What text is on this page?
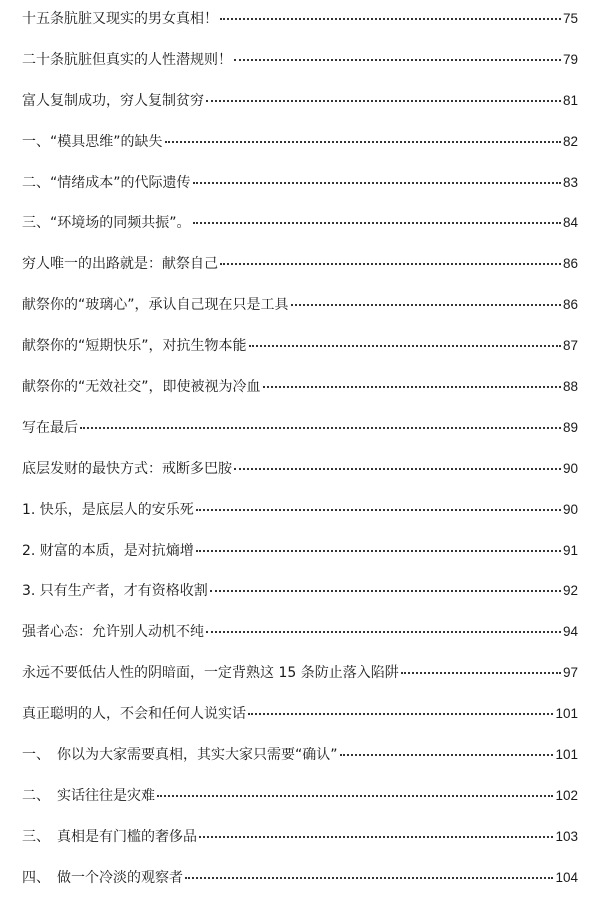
十五条肮脏又现实的男女真相！	75
二十条肮脏但真实的人性潜规则！	79
富人复制成功，穷人复制贫穷	81
一、“模具思维”的缺失	82
二、“情绪成本”的代际遗传	83
三、“环境场的同频共振”。	84
穷人唯一的出路就是：献祭自己	86
献祭你的“玻璃心”，承认自己现在只是工具	86
献祭你的“短期快乐”，对抗生物本能	87
献祭你的“无效社交”，即使被视为冷血	88
写在最后	89
底层发财的最快方式：戒断多巴胺	90
1. 快乐，是底层人的安乐死	90
2. 财富的本质，是对抗熵增	91
3. 只有生产者，才有资格收割	92
强者心态：允许别人动机不纯	94
永远不要低估人性的阴暗面，一定背熟这 15 条防止落入陷阱	97
真正聪明的人，不会和任何人说实话	101
一、　你以为大家需要真相，其实大家只需要“确认”	101
二、　实话往往是灾难	102
三、　真相是有门槛的奢侈品	103
四、　做一个冷淡的观察者	104
